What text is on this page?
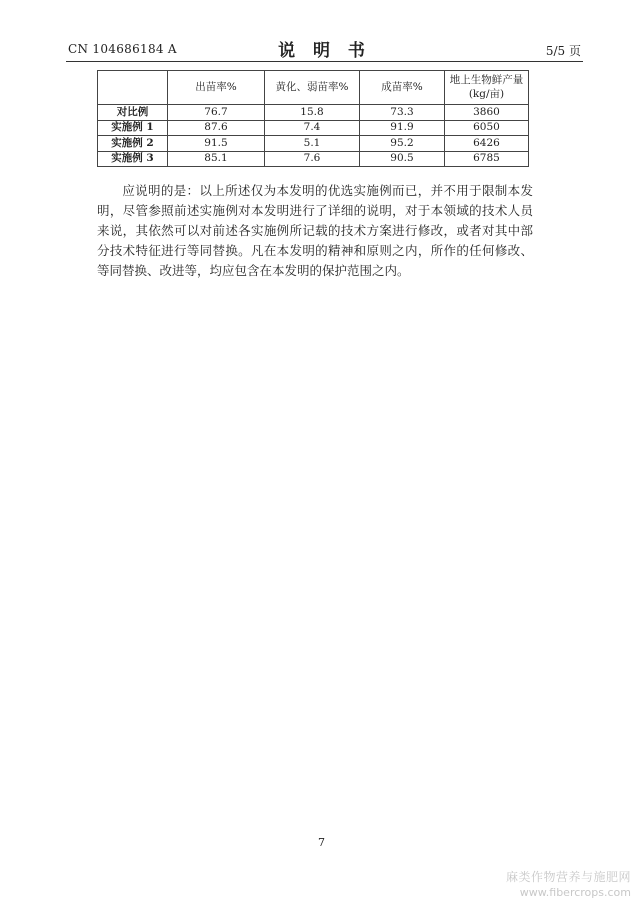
CN 104686184 A	说 明 书	5/5 页
	出苗率%	黄化、弱苗率%	成苗率%	地上生物鲜产量
(kg/亩)
对比例	76.7	15.8	73.3	3860
实施例 1	87.6	7.4	91.9	6050
实施例 2	91.5	5.1	95.2	6426
实施例 3	85.1	7.6	90.5	6785

应说明的是：以上所述仅为本发明的优选实施例而已，并不用于限制本发明，尽管参照前述实施例对本发明进行了详细的说明，对于本领域的技术人员来说，其依然可以对前述各实施例所记载的技术方案进行修改，或者对其中部分技术特征进行等同替换。凡在本发明的精神和原则之内，所作的任何修改、等同替换、改进等，均应包含在本发明的保护范围之内。

7
麻类作物营养与施肥网
www.fibercrops.com
